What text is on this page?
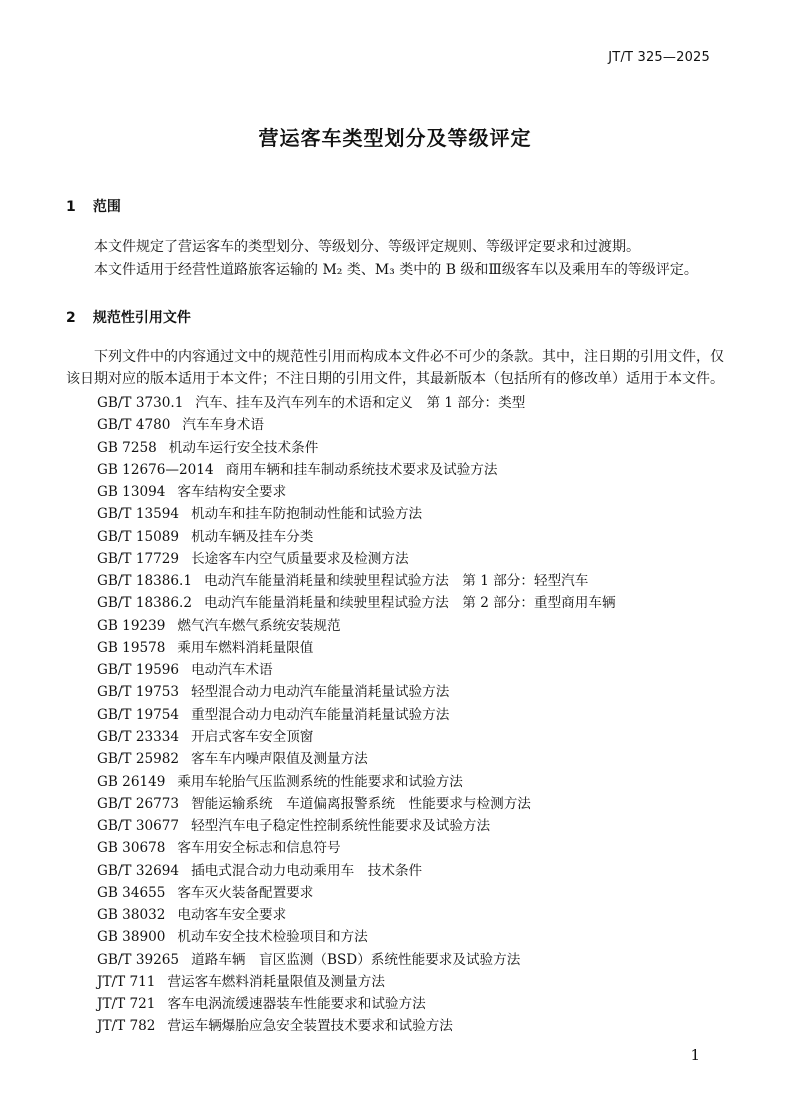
JT/T 325—2025
营运客车类型划分及等级评定
1 范围
本文件规定了营运客车的类型划分、等级划分、等级评定规则、等级评定要求和过渡期。
本文件适用于经营性道路旅客运输的 M₂ 类、M₃ 类中的 B 级和Ⅲ级客车以及乘用车的等级评定。
2 规范性引用文件
下列文件中的内容通过文中的规范性引用而构成本文件必不可少的条款。其中，注日期的引用文件，仅该日期对应的版本适用于本文件；不注日期的引用文件，其最新版本（包括所有的修改单）适用于本文件。
GB/T 3730.1 汽车、挂车及汽车列车的术语和定义　第 1 部分：类型
GB/T 4780 汽车车身术语
GB 7258 机动车运行安全技术条件
GB 12676—2014 商用车辆和挂车制动系统技术要求及试验方法
GB 13094 客车结构安全要求
GB/T 13594 机动车和挂车防抱制动性能和试验方法
GB/T 15089 机动车辆及挂车分类
GB/T 17729 长途客车内空气质量要求及检测方法
GB/T 18386.1 电动汽车能量消耗量和续驶里程试验方法　第 1 部分：轻型汽车
GB/T 18386.2 电动汽车能量消耗量和续驶里程试验方法　第 2 部分：重型商用车辆
GB 19239 燃气汽车燃气系统安装规范
GB 19578 乘用车燃料消耗量限值
GB/T 19596 电动汽车术语
GB/T 19753 轻型混合动力电动汽车能量消耗量试验方法
GB/T 19754 重型混合动力电动汽车能量消耗量试验方法
GB/T 23334 开启式客车安全顶窗
GB/T 25982 客车车内噪声限值及测量方法
GB 26149 乘用车轮胎气压监测系统的性能要求和试验方法
GB/T 26773 智能运输系统　车道偏离报警系统　性能要求与检测方法
GB/T 30677 轻型汽车电子稳定性控制系统性能要求及试验方法
GB 30678 客车用安全标志和信息符号
GB/T 32694 插电式混合动力电动乘用车　技术条件
GB 34655 客车灭火装备配置要求
GB 38032 电动客车安全要求
GB 38900 机动车安全技术检验项目和方法
GB/T 39265 道路车辆　盲区监测（BSD）系统性能要求及试验方法
JT/T 711 营运客车燃料消耗量限值及测量方法
JT/T 721 客车电涡流缓速器装车性能要求和试验方法
JT/T 782 营运车辆爆胎应急安全装置技术要求和试验方法
1
